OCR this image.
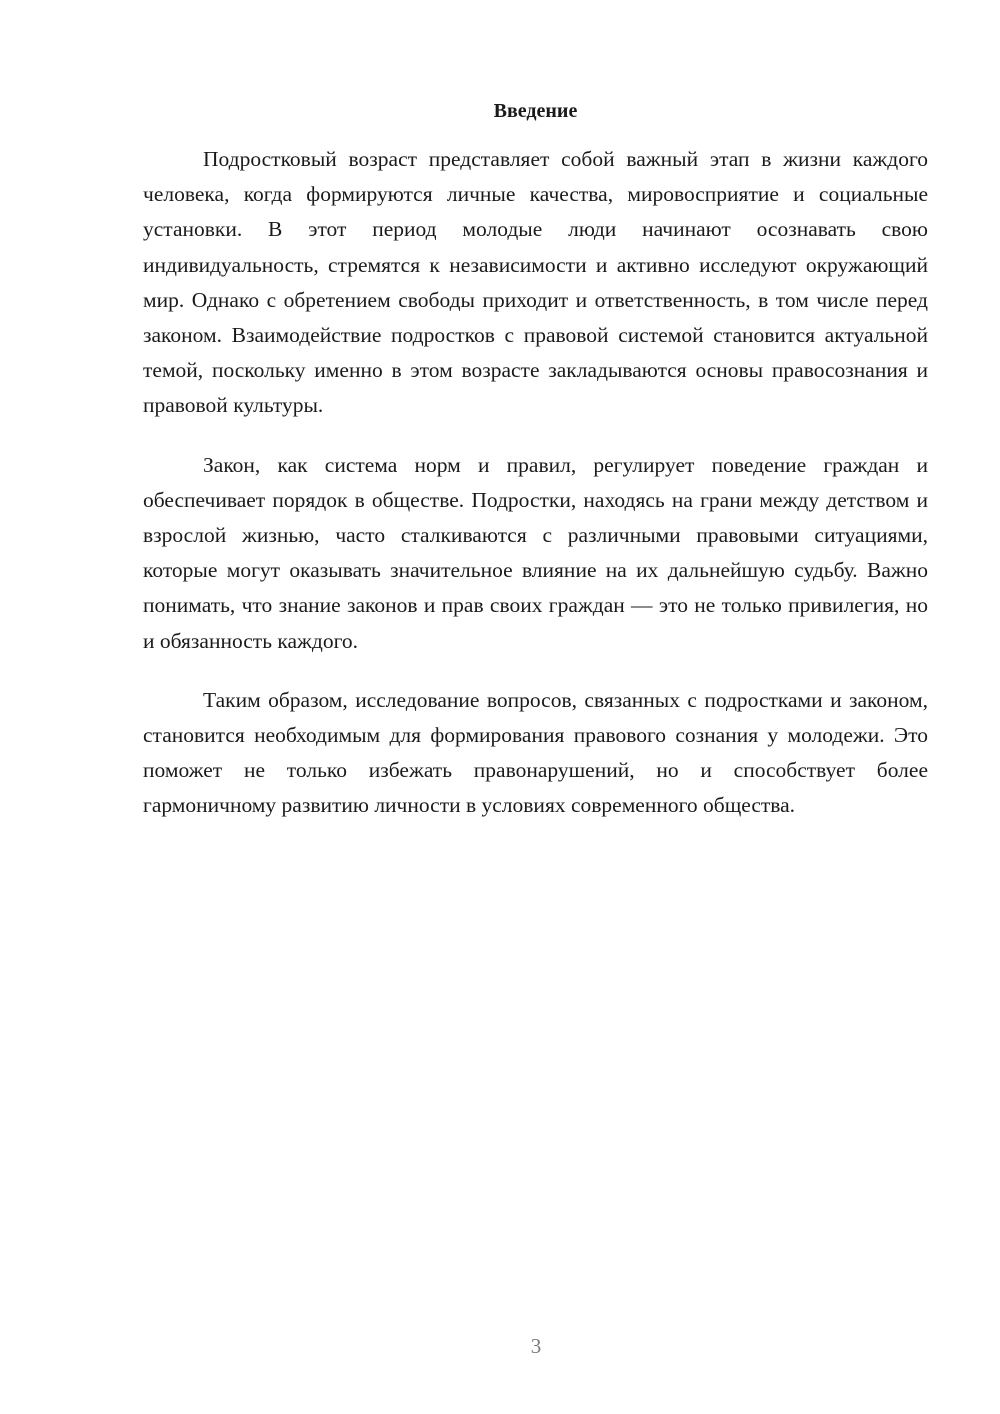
Введение

Подростковый возраст представляет собой важный этап в жизни каждого человека, когда формируются личные качества, мировосприятие и социальные установки. В этот период молодые люди начинают осознавать свою индивидуальность, стремятся к независимости и активно исследуют окружающий мир. Однако с обретением свободы приходит и ответственность, в том числе перед законом. Взаимодействие подростков с правовой системой становится актуальной темой, поскольку именно в этом возрасте закладываются основы правосознания и правовой культуры.

Закон, как система норм и правил, регулирует поведение граждан и обеспечивает порядок в обществе. Подростки, находясь на грани между детством и взрослой жизнью, часто сталкиваются с различными правовыми ситуациями, которые могут оказывать значительное влияние на их дальнейшую судьбу. Важно понимать, что знание законов и прав своих граждан — это не только привилегия, но и обязанность каждого.

Таким образом, исследование вопросов, связанных с подростками и законом, становится необходимым для формирования правового сознания у молодежи. Это поможет не только избежать правонарушений, но и способствует более гармоничному развитию личности в условиях современного общества.

3
